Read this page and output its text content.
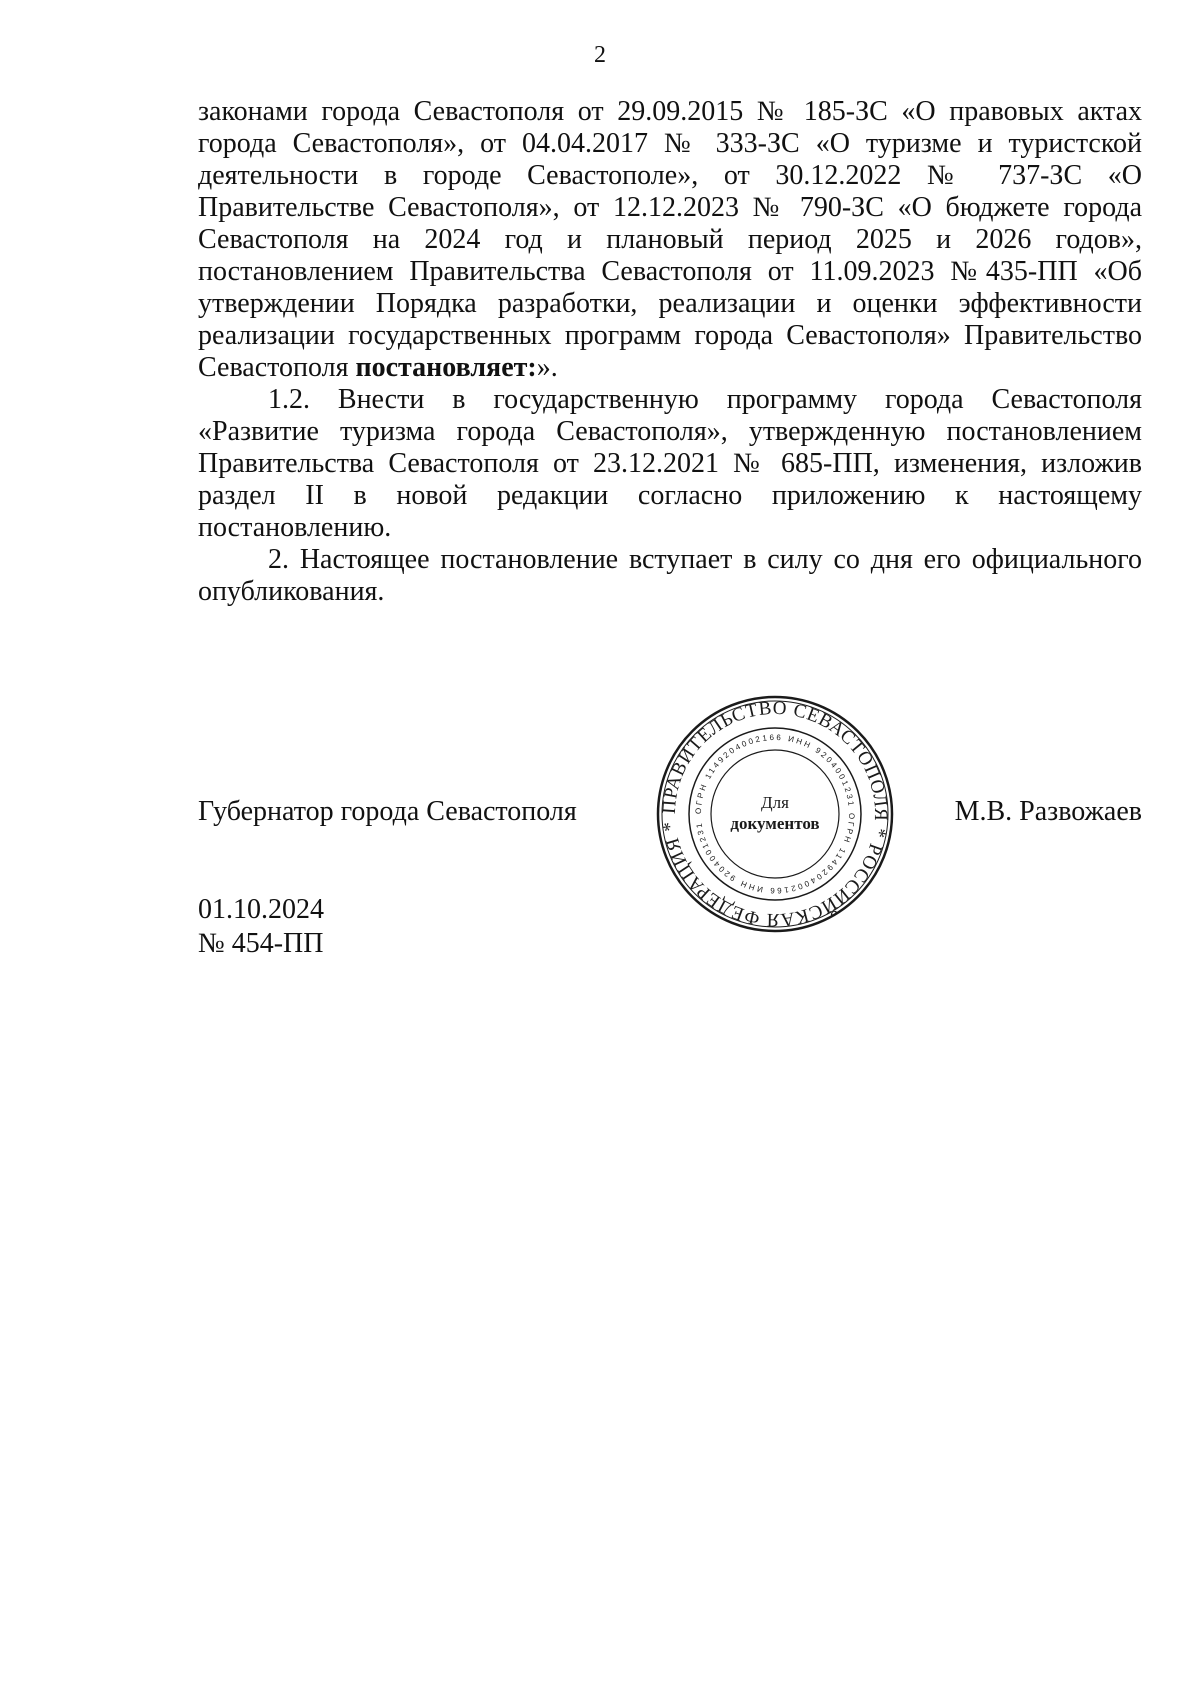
2

законами города Севастополя от 29.09.2015 № 185-ЗС «О правовых актах города Севастополя», от 04.04.2017 № 333-ЗС «О туризме и туристской деятельности в городе Севастополе», от 30.12.2022 № 737-ЗС «О Правительстве Севастополя», от 12.12.2023 № 790-ЗС «О бюджете города Севастополя на 2024 год и плановый период 2025 и 2026 годов», постановлением Правительства Севастополя от 11.09.2023 №435-ПП «Об утверждении Порядка разработки, реализации и оценки эффективности реализации государственных программ города Севастополя» Правительство Севастополя постановляет:».

1.2. Внести в государственную программу города Севастополя «Развитие туризма города Севастополя», утвержденную постановлением Правительства Севастополя от 23.12.2021 № 685-ПП, изменения, изложив раздел II в новой редакции согласно приложению к настоящему постановлению.

2. Настоящее постановление вступает в силу со дня его официального опубликования.

Губернатор города Севастополя	М.В. Развожаев
ПРАВИТЕЛЬСТВО СЕВАСТОПОЛЯ * РОССИЙСКАЯ ФЕДЕРАЦИЯ *
ОГРН 1149204002166 ИНН 9204001231 ОГРН 1149204002166 ИНН 9204001231
Для
документов
01.10.2024
№ 454-ПП
